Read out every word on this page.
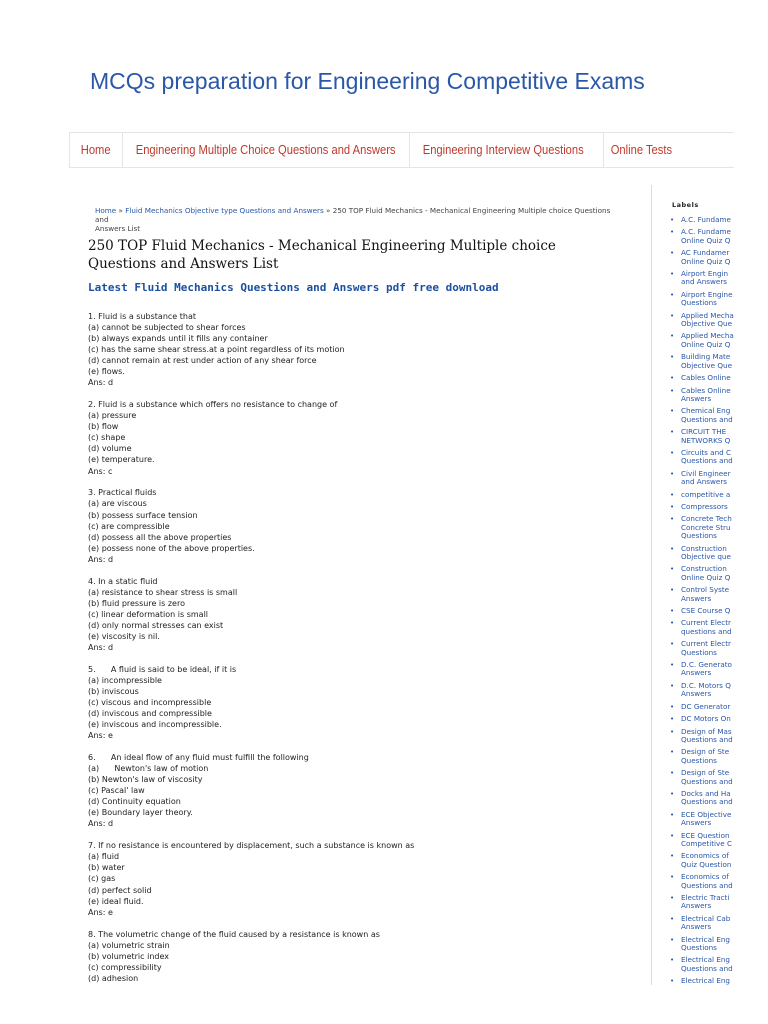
MCQs preparation for Engineering Competitive Exams
Home	Engineering Multiple Choice Questions and Answers	Engineering Interview Questions	Online Tests
Home » Fluid Mechanics Objective type Questions and Answers » 250 TOP Fluid Mechanics - Mechanical Engineering Multiple choice Questions and
Answers List
250 TOP Fluid Mechanics - Mechanical Engineering Multiple choice
Questions and Answers List
Latest Fluid Mechanics Questions and Answers pdf free download
1. Fluid is a substance that
(a) cannot be subjected to shear forces
(b) always expands until it fills any container
(c) has the same shear stress.at a point regardless of its motion
(d) cannot remain at rest under action of any shear force
(e) flows.
Ans: d
2. Fluid is a substance which offers no resistance to change of
(a) pressure
(b) flow
(c) shape
(d) volume
(e) temperature.
Ans: c
3. Practical fluids
(a) are viscous
(b) possess surface tension
(c) are compressible
(d) possess all the above properties
(e) possess none of the above properties.
Ans: d
4. In a static fluid
(a) resistance to shear stress is small
(b) fluid pressure is zero
(c) linear deformation is small
(d) only normal stresses can exist
(e) viscosity is nil.
Ans: d
5.      A fluid is said to be ideal, if it is
(a) incompressible
(b) inviscous
(c) viscous and incompressible
(d) inviscous and compressible
(e) inviscous and incompressible.
Ans: e
6.      An ideal flow of any fluid must fulfill the following
(a)      Newton's law of motion
(b) Newton's law of viscosity
(c) Pascal' law
(d) Continuity equation
(e) Boundary layer theory.
Ans: d
7. If no resistance is encountered by displacement, such a substance is known as
(a) fluid
(b) water
(c) gas
(d) perfect solid
(e) ideal fluid.
Ans: e
8. The volumetric change of the fluid caused by a resistance is known as
(a) volumetric strain
(b) volumetric index
(c) compressibility
(d) adhesion
Labels
• A.C. Fundame
• A.C. Fundame
Online Quiz Q
• AC Fundamer
Online Quiz Q
• Airport Engin
and Answers
• Airport Engine
Questions
• Applied Mecha
Objective Que
• Applied Mecha
Online Quiz Q
• Building Mate
Objective Que
• Cables Online
• Cables Online
Answers
• Chemical Eng
Questions and
• CIRCUIT THE
NETWORKS Q
• Circuits and C
Questions and
• Civil Engineer
and Answers
• competitive a
• Compressors
• Concrete Tech
Concrete Stru
Questions
• Construction
Objective que
• Construction
Online Quiz Q
• Control Syste
Answers
• CSE Course Q
• Current Electr
questions and
• Current Electr
Questions
• D.C. Generato
Answers
• D.C. Motors Q
Answers
• DC Generator
• DC Motors On
• Design of Mas
Questions and
• Design of Ste
Questions
• Design of Ste
Questions and
• Docks and Ha
Questions and
• ECE Objective
Answers
• ECE Question
Competitive C
• Economics of
Quiz Question
• Economics of
Questions and
• Electric Tracti
Answers
• Electrical Cab
Answers
• Electrical Eng
Questions
• Electrical Eng
Questions and
• Electrical Eng
